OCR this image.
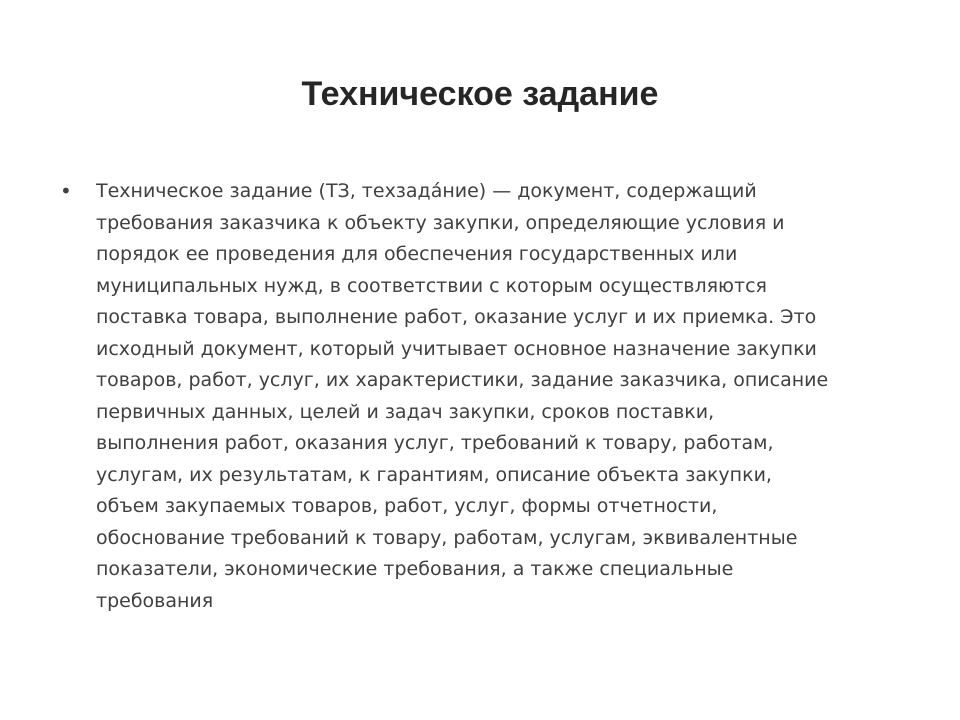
Техническое задание
•	Техническое задание (ТЗ, техзада́ние) — документ, содержащий
требования заказчика к объекту закупки, определяющие условия и
порядок ее проведения для обеспечения государственных или
муниципальных нужд, в соответствии с которым осуществляются
поставка товара, выполнение работ, оказание услуг и их приемка. Это
исходный документ, который учитывает основное назначение закупки
товаров, работ, услуг, их характеристики, задание заказчика, описание
первичных данных, целей и задач закупки, сроков поставки,
выполнения работ, оказания услуг, требований к товару, работам,
услугам, их результатам, к гарантиям, описание объекта закупки,
объем закупаемых товаров, работ, услуг, формы отчетности,
обоснование требований к товару, работам, услугам, эквивалентные
показатели, экономические требования, а также специальные
требования
